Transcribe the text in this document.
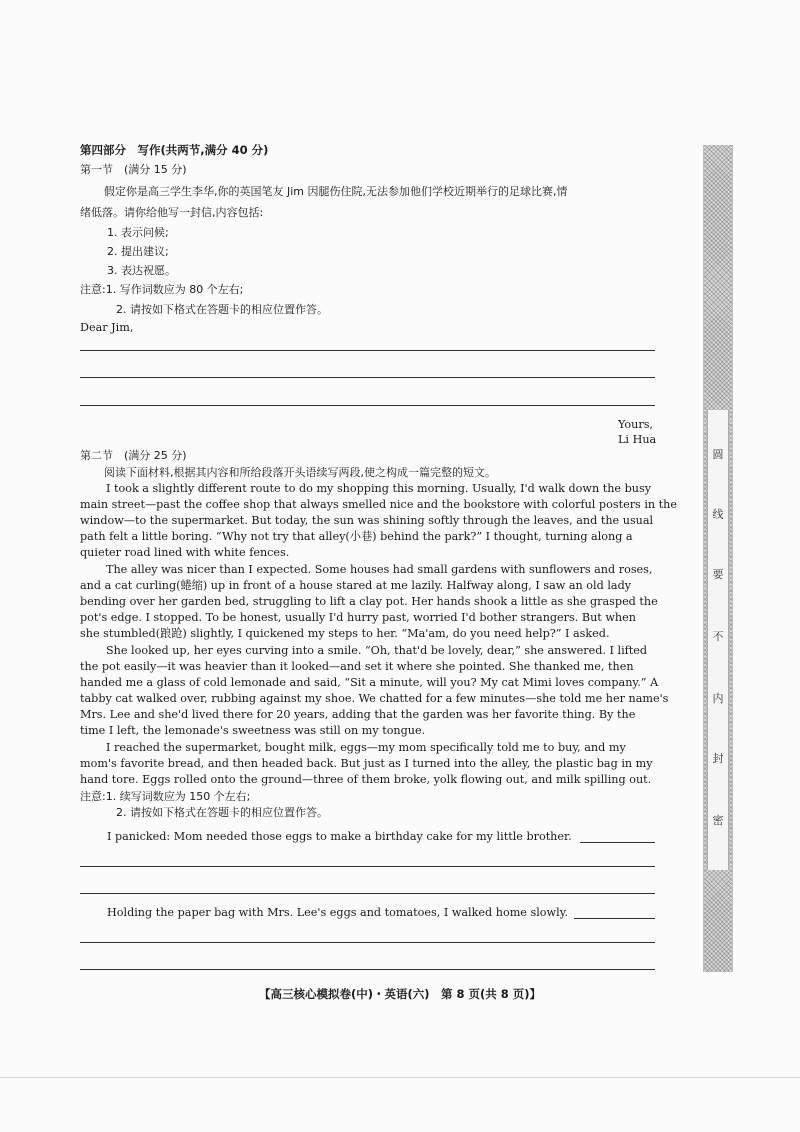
圆
线
要
不
内
封
密
第四部分　写作(共两节,满分 40 分)
第一节　(满分 15 分)
假定你是高三学生李华,你的英国笔友 Jim 因腿伤住院,无法参加他们学校近期举行的足球比赛,情
绪低落。请你给他写一封信,内容包括:
1. 表示问候;
2. 提出建议;
3. 表达祝愿。
注意:1. 写作词数应为 80 个左右;
2. 请按如下格式在答题卡的相应位置作答。
Dear Jim,
Yours,
Li Hua
第二节　(满分 25 分)
阅读下面材料,根据其内容和所给段落开头语续写两段,使之构成一篇完整的短文。
I took a slightly different route to do my shopping this morning. Usually, I'd walk down the busy
main street—past the coffee shop that always smelled nice and the bookstore with colorful posters in the
window—to the supermarket. But today, the sun was shining softly through the leaves, and the usual
path felt a little boring. “Why not try that alley(小巷) behind the park?” I thought, turning along a
quieter road lined with white fences.
The alley was nicer than I expected. Some houses had small gardens with sunflowers and roses,
and a cat curling(蜷缩) up in front of a house stared at me lazily. Halfway along, I saw an old lady
bending over her garden bed, struggling to lift a clay pot. Her hands shook a little as she grasped the
pot's edge. I stopped. To be honest, usually I'd hurry past, worried I'd bother strangers. But when
she stumbled(踉跄) slightly, I quickened my steps to her. “Ma'am, do you need help?” I asked.
She looked up, her eyes curving into a smile. “Oh, that'd be lovely, dear,” she answered. I lifted
the pot easily—it was heavier than it looked—and set it where she pointed. She thanked me, then
handed me a glass of cold lemonade and said, “Sit a minute, will you? My cat Mimi loves company.” A
tabby cat walked over, rubbing against my shoe. We chatted for a few minutes—she told me her name's
Mrs. Lee and she'd lived there for 20 years, adding that the garden was her favorite thing. By the
time I left, the lemonade's sweetness was still on my tongue.
I reached the supermarket, bought milk, eggs—my mom specifically told me to buy, and my
mom's favorite bread, and then headed back. But just as I turned into the alley, the plastic bag in my
hand tore. Eggs rolled onto the ground—three of them broke, yolk flowing out, and milk spilling out.
注意:1. 续写词数应为 150 个左右;
2. 请按如下格式在答题卡的相应位置作答。
I panicked: Mom needed those eggs to make a birthday cake for my little brother.
Holding the paper bag with Mrs. Lee's eggs and tomatoes, I walked home slowly.
【高三核心模拟卷(中)・英语(六)　第 8 页(共 8 页)】
